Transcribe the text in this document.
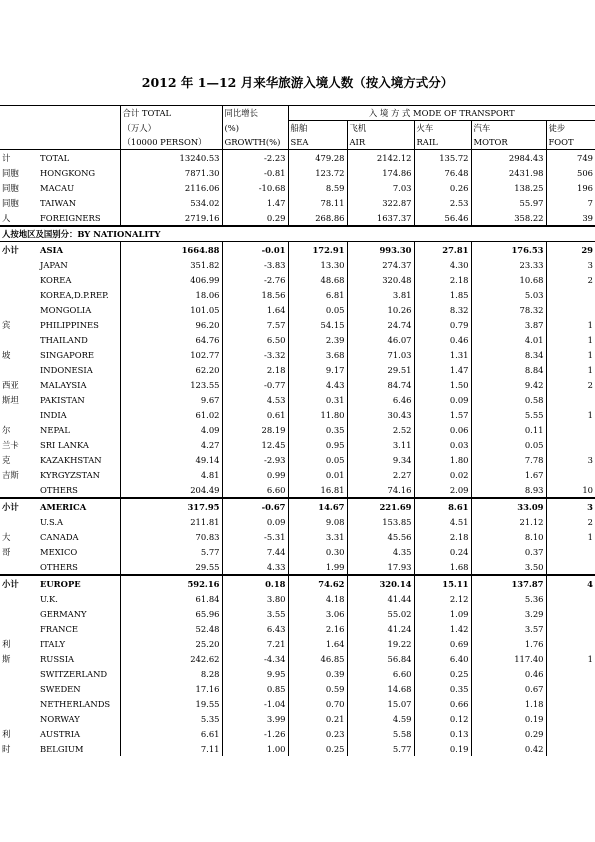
2012 年 1—12 月来华旅游入境人数（按入境方式分）
		合计 TOTAL	同比增长	入 境 方 式 MODE OF TRANSPORT				
		（万人）	(%)	船舶	飞机	火车	汽车	徒步
		（10000 PERSON）	GROWTH(%)	SEA	AIR	RAIL	MOTOR	FOOT
计	TOTAL	13240.53	-2.23	479.28	2142.12	135.72	2984.43	749
同胞	HONGKONG	7871.30	-0.81	123.72	174.86	76.48	2431.98	506
同胞	MACAU	2116.06	-10.68	8.59	7.03	0.26	138.25	196
同胞	TAIWAN	534.02	1.47	78.11	322.87	2.53	55.97	7
人	FOREIGNERS	2719.16	0.29	268.86	1637.37	56.46	358.22	39
人按地区及国别分：BY NATIONALITY								
小计	ASIA	1664.88	-0.01	172.91	993.30	27.81	176.53	29
	JAPAN	351.82	-3.83	13.30	274.37	4.30	23.33	3
	KOREA	406.99	-2.76	48.68	320.48	2.18	10.68	2
	KOREA,D.P.REP.	18.06	18.56	6.81	3.81	1.85	5.03	
	MONGOLIA	101.05	1.64	0.05	10.26	8.32	78.32	
宾	PHILIPPINES	96.20	7.57	54.15	24.74	0.79	3.87	1
	THAILAND	64.76	6.50	2.39	46.07	0.46	4.01	1
坡	SINGAPORE	102.77	-3.32	3.68	71.03	1.31	8.34	1
	INDONESIA	62.20	2.18	9.17	29.51	1.47	8.84	1
西亚	MALAYSIA	123.55	-0.77	4.43	84.74	1.50	9.42	2
斯坦	PAKISTAN	9.67	4.53	0.31	6.46	0.09	0.58	
	INDIA	61.02	0.61	11.80	30.43	1.57	5.55	1
尔	NEPAL	4.09	28.19	0.35	2.52	0.06	0.11	
兰卡	SRI LANKA	4.27	12.45	0.95	3.11	0.03	0.05	
克	KAZAKHSTAN	49.14	-2.93	0.05	9.34	1.80	7.78	3
吉斯	KYRGYZSTAN	4.81	0.99	0.01	2.27	0.02	1.67	
	OTHERS	204.49	6.60	16.81	74.16	2.09	8.93	10
小计	AMERICA	317.95	-0.67	14.67	221.69	8.61	33.09	3
	U.S.A	211.81	0.09	9.08	153.85	4.51	21.12	2
大	CANADA	70.83	-5.31	3.31	45.56	2.18	8.10	1
哥	MEXICO	5.77	7.44	0.30	4.35	0.24	0.37	
	OTHERS	29.55	4.33	1.99	17.93	1.68	3.50	
小计	EUROPE	592.16	0.18	74.62	320.14	15.11	137.87	4
	U.K.	61.84	3.80	4.18	41.44	2.12	5.36	
	GERMANY	65.96	3.55	3.06	55.02	1.09	3.29	
	FRANCE	52.48	6.43	2.16	41.24	1.42	3.57	
利	ITALY	25.20	7.21	1.64	19.22	0.69	1.76	
斯	RUSSIA	242.62	-4.34	46.85	56.84	6.40	117.40	1
	SWITZERLAND	8.28	9.95	0.39	6.60	0.25	0.46	
	SWEDEN	17.16	0.85	0.59	14.68	0.35	0.67	
	NETHERLANDS	19.55	-1.04	0.70	15.07	0.66	1.18	
	NORWAY	5.35	3.99	0.21	4.59	0.12	0.19	
利	AUSTRIA	6.61	-1.26	0.23	5.58	0.13	0.29	
时	BELGIUM	7.11	1.00	0.25	5.77	0.19	0.42	
